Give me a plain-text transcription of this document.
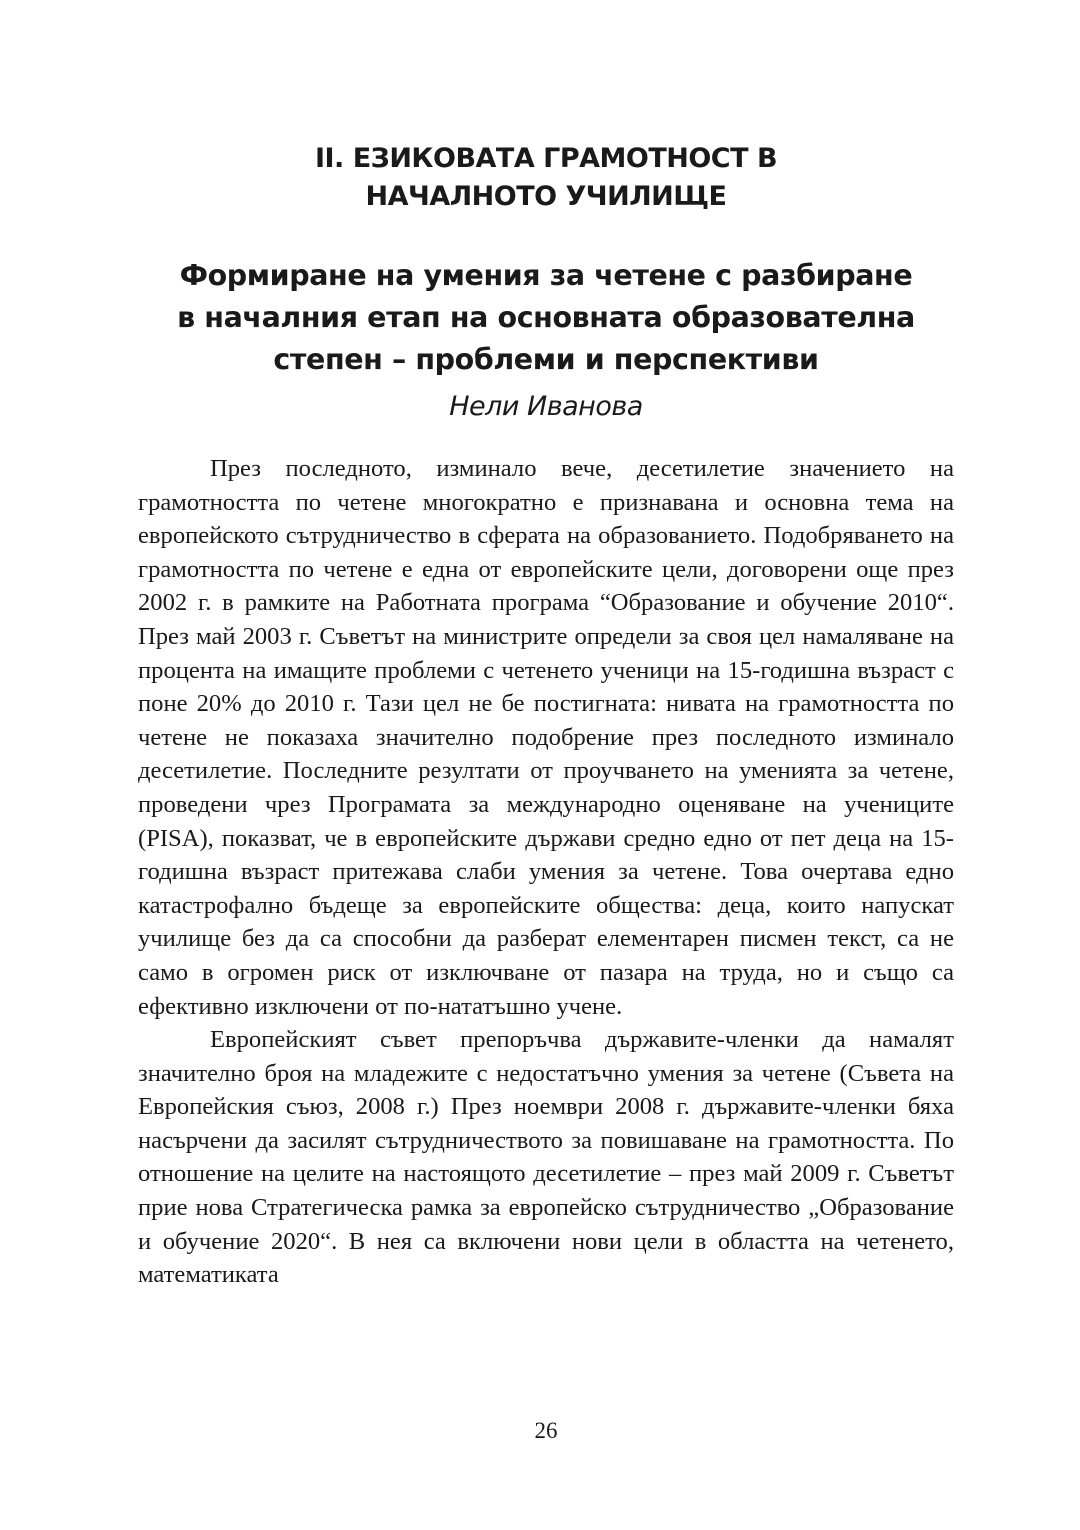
II. ЕЗИКОВАТА ГРАМОТНОСТ В
НАЧАЛНОТО УЧИЛИЩЕ
Формиране на умения за четене с разбиране
в началния етап на основната образователна
степен – проблеми и перспективи

Нели Иванова

През последното, изминало вече, десетилетие значението на грамотността по четене многократно е признавана и основна тема на европейското сътрудничество в сферата на образованието. Подобряването на грамотността по четене е една от европейските цели, договорени още през 2002 г. в рамките на Работната програма “Образование и обучение 2010“. През май 2003 г. Съветът на министрите определи за своя цел намаляване на процента на имащите проблеми с четенето ученици на 15-годишна възраст с поне 20% до 2010 г. Тази цел не бе постигната: нивата на грамотността по четене не показаха значително подобрение през последното изминало десетилетие. Последните резултати от проучването на уменията за четене, проведени чрез Програмата за международно оценяване на учениците (PISA), показват, че в европейските държави средно едно от пет деца на 15-годишна възраст притежава слаби умения за четене. Това очертава едно катастрофално бъдеще за европейските общества: деца, които напускат училище без да са способни да разберат елементарен писмен текст, са не само в огромен риск от изключване от пазара на труда, но и също са ефективно изключени от по-нататъшно учене.

Европейският съвет препоръчва държавите-членки да намалят значително броя на младежите с недостатъчно умения за четене (Съвета на Европейския съюз, 2008 г.) През ноември 2008 г. държавите-членки бяха насърчени да засилят сътрудничеството за повишаване на грамотността. По отношение на целите на настоящото десетилетие – през май 2009 г. Съветът прие нова Стратегическа рамка за европейско сътрудничество „Образование и обучение 2020“. В нея са включени нови цели в областта на четенето, математиката

26
